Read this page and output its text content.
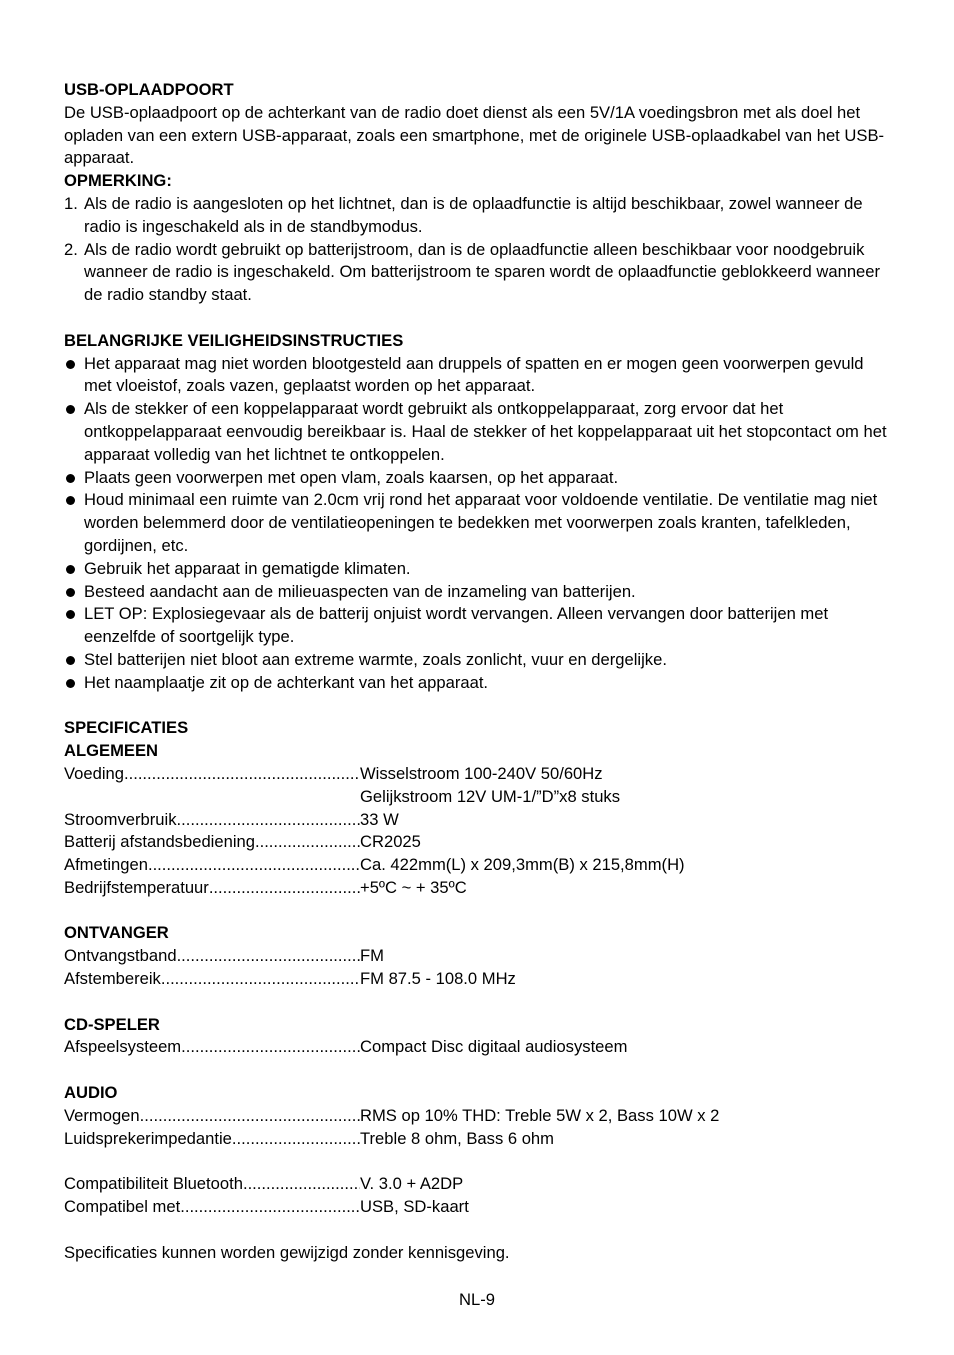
USB-OPLAADPOORT

De USB-oplaadpoort op de achterkant van de radio doet dienst als een 5V/1A voedingsbron met als doel het opladen van een extern USB-apparaat, zoals een smartphone, met de originele USB-oplaadkabel van het USB-apparaat.

OPMERKING:

1. Als de radio is aangesloten op het lichtnet, dan is de oplaadfunctie is altijd beschikbaar, zowel wanneer de radio is ingeschakeld als in de standbymodus.
2. Als de radio wordt gebruikt op batterijstroom, dan is de oplaadfunctie alleen beschikbaar voor noodgebruik wanneer de radio is ingeschakeld. Om batterijstroom te sparen wordt de oplaadfunctie geblokkeerd wanneer de radio standby staat.

BELANGRIJKE VEILIGHEIDSINSTRUCTIES

Het apparaat mag niet worden blootgesteld aan druppels of spatten en er mogen geen voorwerpen gevuld met vloeistof, zoals vazen, geplaatst worden op het apparaat.
Als de stekker of een koppelapparaat wordt gebruikt als ontkoppelapparaat, zorg ervoor dat het ontkoppelapparaat eenvoudig bereikbaar is. Haal de stekker of het koppelapparaat uit het stopcontact om het apparaat volledig van het lichtnet te ontkoppelen.
Plaats geen voorwerpen met open vlam, zoals kaarsen, op het apparaat.
Houd minimaal een ruimte van 2.0cm vrij rond het apparaat voor voldoende ventilatie. De ventilatie mag niet worden belemmerd door de ventilatieopeningen te bedekken met voorwerpen zoals kranten, tafelkleden, gordijnen, etc.
Gebruik het apparaat in gematigde klimaten.
Besteed aandacht aan de milieuaspecten van de inzameling van batterijen.
LET OP: Explosiegevaar als de batterij onjuist wordt vervangen. Alleen vervangen door batterijen met eenzelfde of soortgelijk type.
Stel batterijen niet bloot aan extreme warmte, zoals zonlicht, vuur en dergelijke.
Het naamplaatje zit op de achterkant van het apparaat.

SPECIFICATIES

ALGEMEEN

Voeding .....	Wisselstroom 100-240V 50/60Hz
Gelijkstroom 12V UM-1/”D”x8 stuks
Stroomverbruik .....	33 W
Batterij afstandsbediening .....	CR2025
Afmetingen .....	Ca. 422mm(L) x 209,3mm(B) x 215,8mm(H)
Bedrijfstemperatuur .....	+5ºC ~ + 35ºC

ONTVANGER

Ontvangstband .....	FM
Afstembereik .....	FM 87.5 - 108.0 MHz

CD-SPELER

Afspeelsysteem .....	Compact Disc digitaal audiosysteem

AUDIO

Vermogen .....	RMS op 10% THD: Treble 5W x 2, Bass 10W x 2
Luidsprekerimpedantie .....	Treble 8 ohm, Bass 6 ohm
Compatibiliteit Bluetooth .....	V. 3.0 + A2DP
Compatibel met .....	USB, SD-kaart

Specificaties kunnen worden gewijzigd zonder kennisgeving.

NL-9
